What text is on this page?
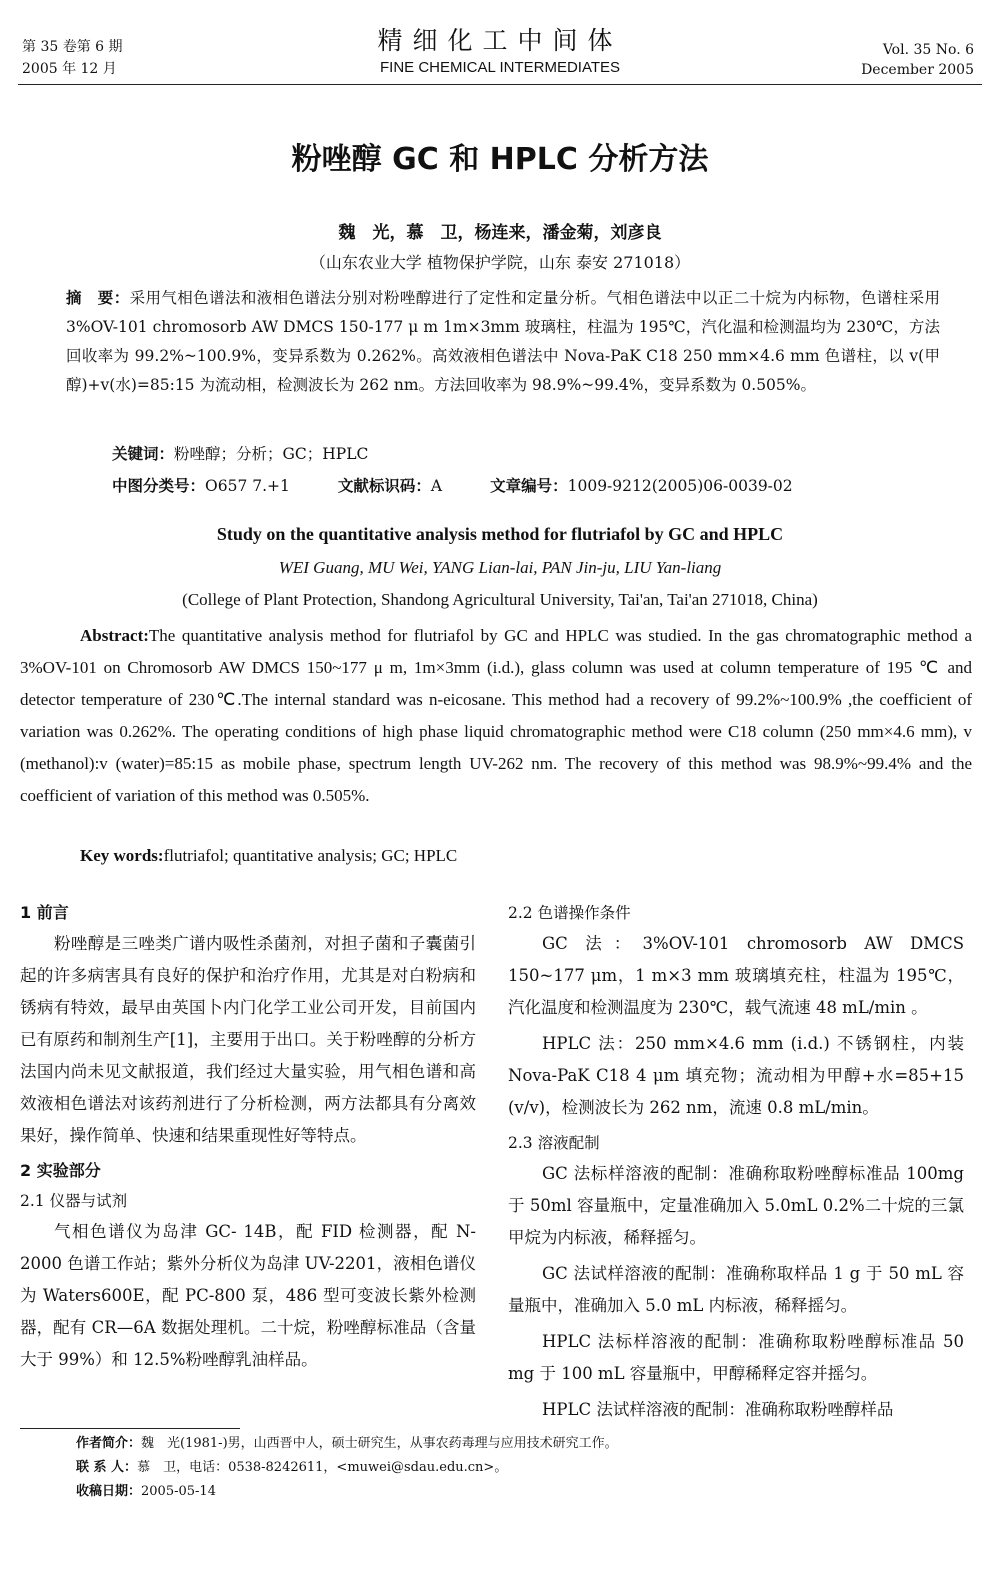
第 35 卷第 6 期
2005 年 12 月
精细化工中间体
FINE CHEMICAL INTERMEDIATES
Vol. 35 No. 6
December 2005
粉唑醇 GC 和 HPLC 分析方法
魏　光，慕　卫，杨连来，潘金菊，刘彦良
（山东农业大学 植物保护学院，山东 泰安 271018）
摘　要：采用气相色谱法和液相色谱法分别对粉唑醇进行了定性和定量分析。气相色谱法中以正二十烷为内标物，色谱柱采用 3%OV-101 chromosorb AW DMCS 150-177 μ m 1m×3mm 玻璃柱，柱温为 195℃，汽化温和检测温均为 230℃，方法回收率为 99.2%~100.9%，变异系数为 0.262%。高效液相色谱法中 Nova-PaK C18 250 mm×4.6 mm 色谱柱，以 v(甲醇)+v(水)=85:15 为流动相，检测波长为 262 nm。方法回收率为 98.9%~99.4%，变异系数为 0.505%。
关键词：粉唑醇；分析；GC；HPLC
中图分类号：O657 7.+1	文献标识码：A	文章编号：1009-9212(2005)06-0039-02
Study on the quantitative analysis method for flutriafol by GC and HPLC
WEI Guang, MU Wei, YANG Lian-lai, PAN Jin-ju, LIU Yan-liang
(College of Plant Protection, Shandong Agricultural University, Tai'an, Tai'an 271018, China)

Abstract:The quantitative analysis method for flutriafol by GC and HPLC was studied. In the gas chromatographic method a 3%OV-101 on Chromosorb AW DMCS 150~177 μ m, 1m×3mm (i.d.), glass column was used at column temperature of 195 ℃ and detector temperature of 230℃.The internal standard was n-eicosane. This method had a recovery of 99.2%~100.9% ,the coefficient of variation was 0.262%. The operating conditions of high phase liquid chromatographic method were C18 column (250 mm×4.6 mm), v (methanol):v (water)=85:15 as mobile phase, spectrum length UV-262 nm. The recovery of this method was 98.9%~99.4% and the coefficient of variation of this method was 0.505%.

Key words:flutriafol; quantitative analysis; GC; HPLC
1 前言

粉唑醇是三唑类广谱内吸性杀菌剂，对担子菌和子囊菌引起的许多病害具有良好的保护和治疗作用，尤其是对白粉病和锈病有特效，最早由英国卜内门化学工业公司开发，目前国内已有原药和制剂生产[1]，主要用于出口。关于粉唑醇的分析方法国内尚未见文献报道，我们经过大量实验，用气相色谱和高效液相色谱法对该药剂进行了分析检测，两方法都具有分离效果好，操作简单、快速和结果重现性好等特点。

2 实验部分
2.1 仪器与试剂

气相色谱仪为岛津 GC- 14B，配 FID 检测器，配 N-2000 色谱工作站；紫外分析仪为岛津 UV-2201，液相色谱仪为 Waters600E，配 PC-800 泵，486 型可变波长紫外检测器，配有 CR—6A 数据处理机。二十烷，粉唑醇标准品（含量大于 99%）和 12.5%粉唑醇乳油样品。

2.2 色谱操作条件

GC 法：3%OV-101 chromosorb AW DMCS 150~177 μm，1 m×3 mm 玻璃填充柱，柱温为 195℃，汽化温度和检测温度为 230℃，载气流速 48 mL/min 。

HPLC 法：250 mm×4.6 mm (i.d.) 不锈钢柱，内装 Nova-PaK C18 4 μm 填充物；流动相为甲醇+水=85+15 (v/v)，检测波长为 262 nm，流速 0.8 mL/min。

2.3 溶液配制

GC 法标样溶液的配制：准确称取粉唑醇标准品 100mg 于 50ml 容量瓶中，定量准确加入 5.0mL 0.2%二十烷的三氯甲烷为内标液，稀释摇匀。

GC 法试样溶液的配制：准确称取样品 1 g 于 50 mL 容量瓶中，准确加入 5.0 mL 内标液，稀释摇匀。

HPLC 法标样溶液的配制：准确称取粉唑醇标准品 50 mg 于 100 mL 容量瓶中，甲醇稀释定容并摇匀。

HPLC 法试样溶液的配制：准确称取粉唑醇样品

作者简介：魏　光(1981-)男，山西晋中人，硕士研究生，从事农药毒理与应用技术研究工作。
联 系 人：慕　卫，电话：0538-8242611，<muwei@sdau.edu.cn>。
收稿日期：2005-05-14
